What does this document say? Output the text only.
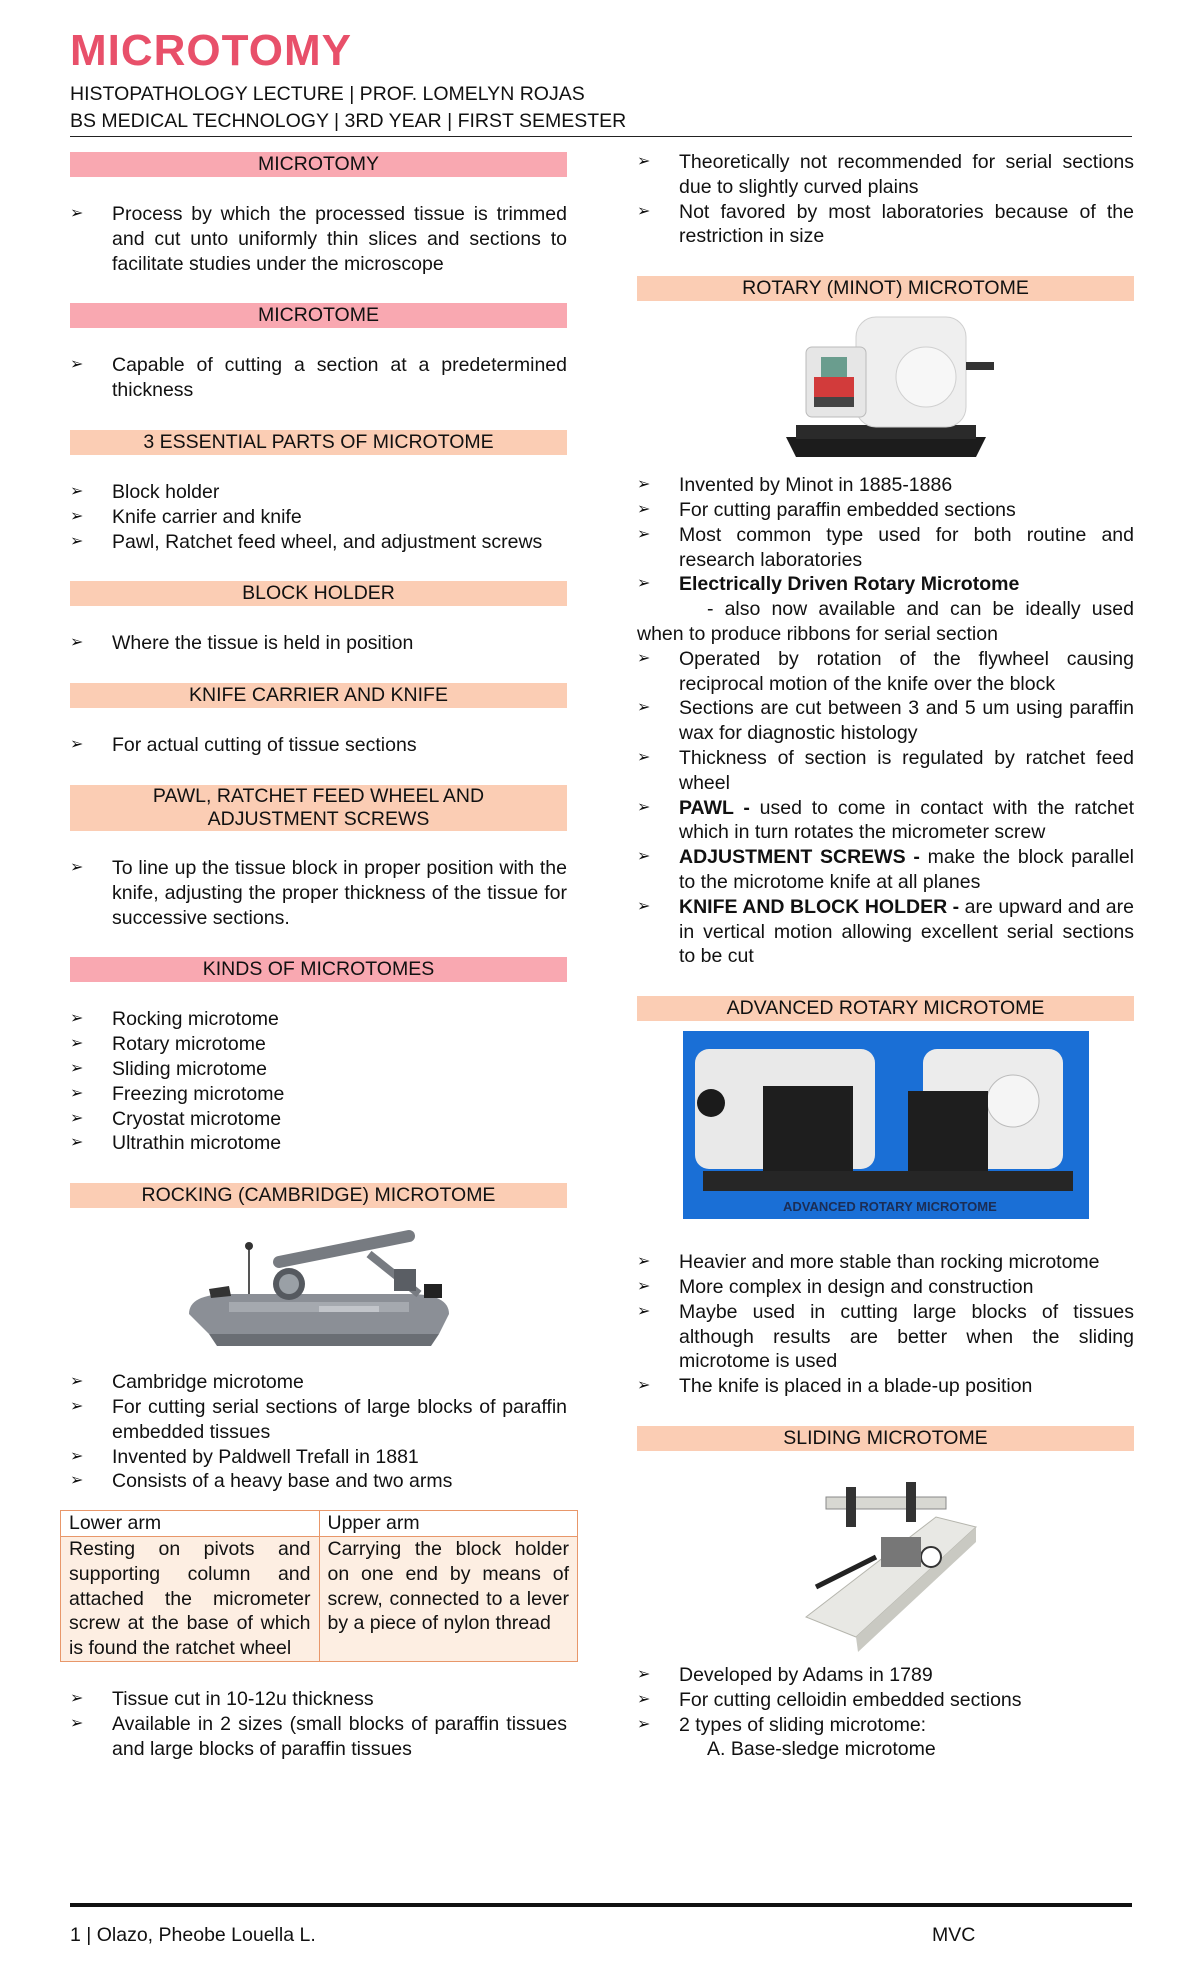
MICROTOMY
HISTOPATHOLOGY LECTURE | PROF. LOMELYN ROJAS
BS MEDICAL TECHNOLOGY | 3RD YEAR | FIRST SEMESTER
MICROTOMY
➢ Process by which the processed tissue is trimmed and cut unto uniformly thin slices and sections to facilitate studies under the microscope
MICROTOME
➢ Capable of cutting a section at a predetermined thickness
3 ESSENTIAL PARTS OF MICROTOME
➢ Block holder
➢ Knife carrier and knife
➢ Pawl, Ratchet feed wheel, and adjustment screws
BLOCK HOLDER
➢ Where the tissue is held in position
KNIFE CARRIER AND KNIFE
➢ For actual cutting of tissue sections
PAWL, RATCHET FEED WHEEL AND ADJUSTMENT SCREWS
➢ To line up the tissue block in proper position with the knife, adjusting the proper thickness of the tissue for successive sections.
KINDS OF MICROTOMES
➢ Rocking microtome
➢ Rotary microtome
➢ Sliding microtome
➢ Freezing microtome
➢ Cryostat microtome
➢ Ultrathin microtome
ROCKING (CAMBRIDGE) MICROTOME
➢ Cambridge microtome
➢ For cutting serial sections of large blocks of paraffin embedded tissues
➢ Invented by Paldwell Trefall in 1881
➢ Consists of a heavy base and two arms
Lower arm	Upper arm
Resting on pivots and supporting column and attached the micrometer screw at the base of which is found the ratchet wheel	Carrying the block holder on one end by means of screw, connected to a lever by a piece of nylon thread
➢ Tissue cut in 10-12u thickness
➢ Available in 2 sizes (small blocks of paraffin tissues and large blocks of paraffin tissues
➢ Theoretically not recommended for serial sections due to slightly curved plains
➢ Not favored by most laboratories because of the restriction in size
ROTARY (MINOT) MICROTOME
➢ Invented by Minot in 1885-1886
➢ For cutting paraffin embedded sections
➢ Most common type used for both routine and research laboratories
➢ Electrically Driven Rotary Microtome
- also now available and can be ideally used when to produce ribbons for serial section
➢ Operated by rotation of the flywheel causing reciprocal motion of the knife over the block
➢ Sections are cut between 3 and 5 um using paraffin wax for diagnostic histology
➢ Thickness of section is regulated by ratchet feed wheel
➢ PAWL - used to come in contact with the ratchet which in turn rotates the micrometer screw
➢ ADJUSTMENT SCREWS - make the block parallel to the microtome knife at all planes
➢ KNIFE AND BLOCK HOLDER - are upward and are in vertical motion allowing excellent serial sections to be cut
ADVANCED ROTARY MICROTOME
ADVANCED ROTARY MICROTOME
➢ Heavier and more stable than rocking microtome
➢ More complex in design and construction
➢ Maybe used in cutting large blocks of tissues although results are better when the sliding microtome is used
➢ The knife is placed in a blade-up position
SLIDING MICROTOME
➢ Developed by Adams in 1789
➢ For cutting celloidin embedded sections
➢ 2 types of sliding microtome:
A. Base-sledge microtome
1 | Olazo, Pheobe Louella L.	MVC
